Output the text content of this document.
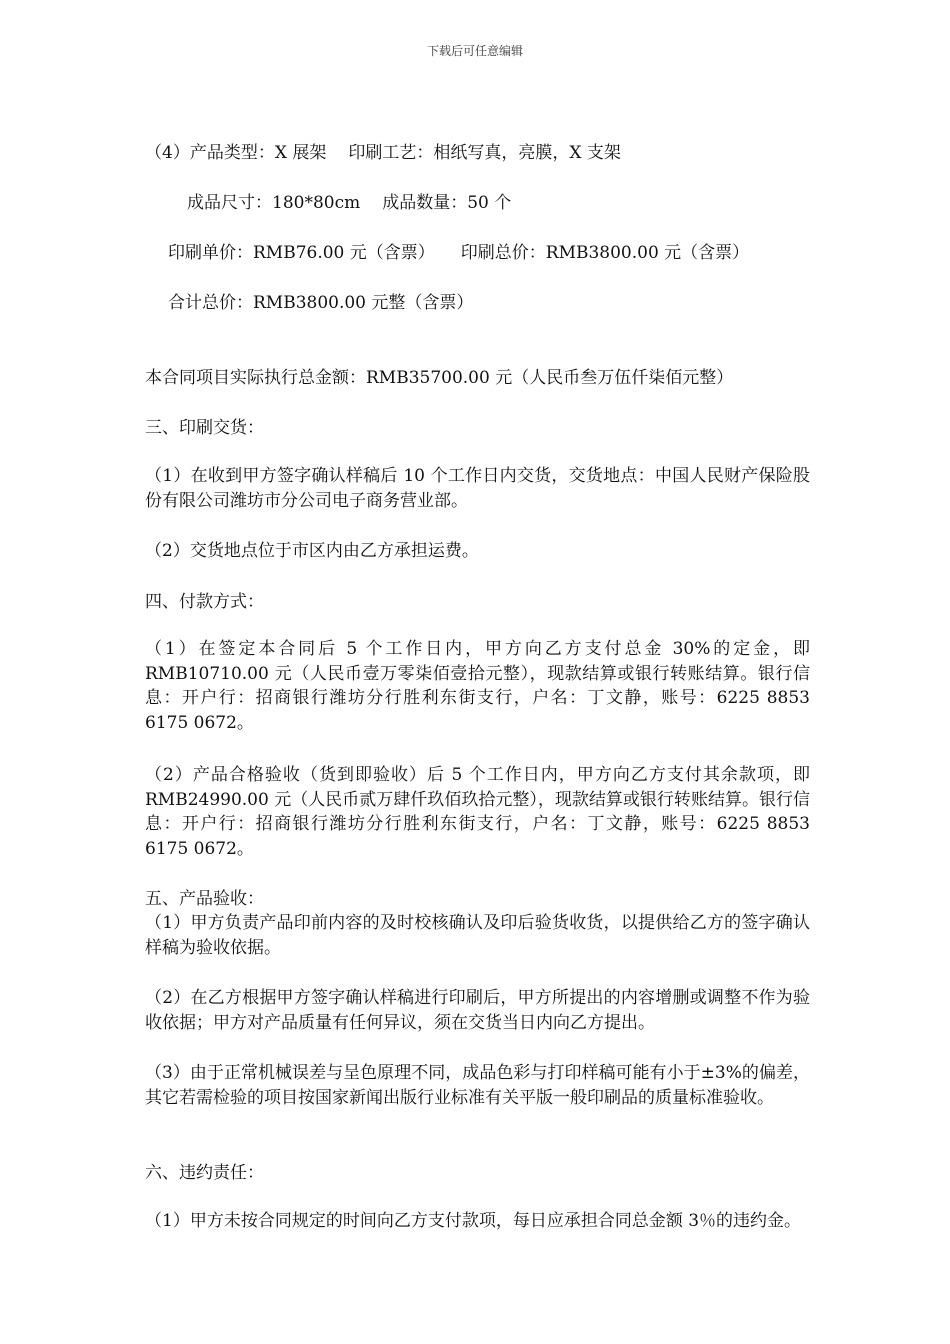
下载后可任意编辑
（4）产品类型：X 展架 印刷工艺：相纸写真，亮膜，X 支架
成品尺寸：180*80cm 成品数量：50 个
印刷单价：RMB76.00 元（含票） 印刷总价：RMB3800.00 元（含票）
合计总价：RMB3800.00 元整（含票）
本合同项目实际执行总金额：RMB35700.00 元（人民币叁万伍仟柒佰元整）
三、印刷交货：
（1）在收到甲方签字确认样稿后 10 个工作日内交货，交货地点：中国人民财产保险股份有限公司潍坊市分公司电子商务营业部。
（2）交货地点位于市区内由乙方承担运费。
四、付款方式：
（1）在签定本合同后 5 个工作日内，甲方向乙方支付总金 30%的定金，即 RMB10710.00 元（人民币壹万零柒佰壹拾元整），现款结算或银行转账结算。银行信息：开户行：招商银行潍坊分行胜利东街支行，户名：丁文静，账号：6225 8853 6175 0672。
（2）产品合格验收（货到即验收）后 5 个工作日内，甲方向乙方支付其余款项，即 RMB24990.00 元（人民币贰万肆仟玖佰玖拾元整），现款结算或银行转账结算。银行信息：开户行：招商银行潍坊分行胜利东街支行，户名：丁文静，账号：6225 8853 6175 0672。
五、产品验收：
（1）甲方负责产品印前内容的及时校核确认及印后验货收货，以提供给乙方的签字确认样稿为验收依据。
（2）在乙方根据甲方签字确认样稿进行印刷后，甲方所提出的内容增删或调整不作为验收依据；甲方对产品质量有任何异议，须在交货当日内向乙方提出。
（3）由于正常机械误差与呈色原理不同，成品色彩与打印样稿可能有小于±3%的偏差，其它若需检验的项目按国家新闻出版行业标准有关平版一般印刷品的质量标准验收。
六、违约责任：
（1）甲方未按合同规定的时间向乙方支付款项，每日应承担合同总金额 3％的违约金。
